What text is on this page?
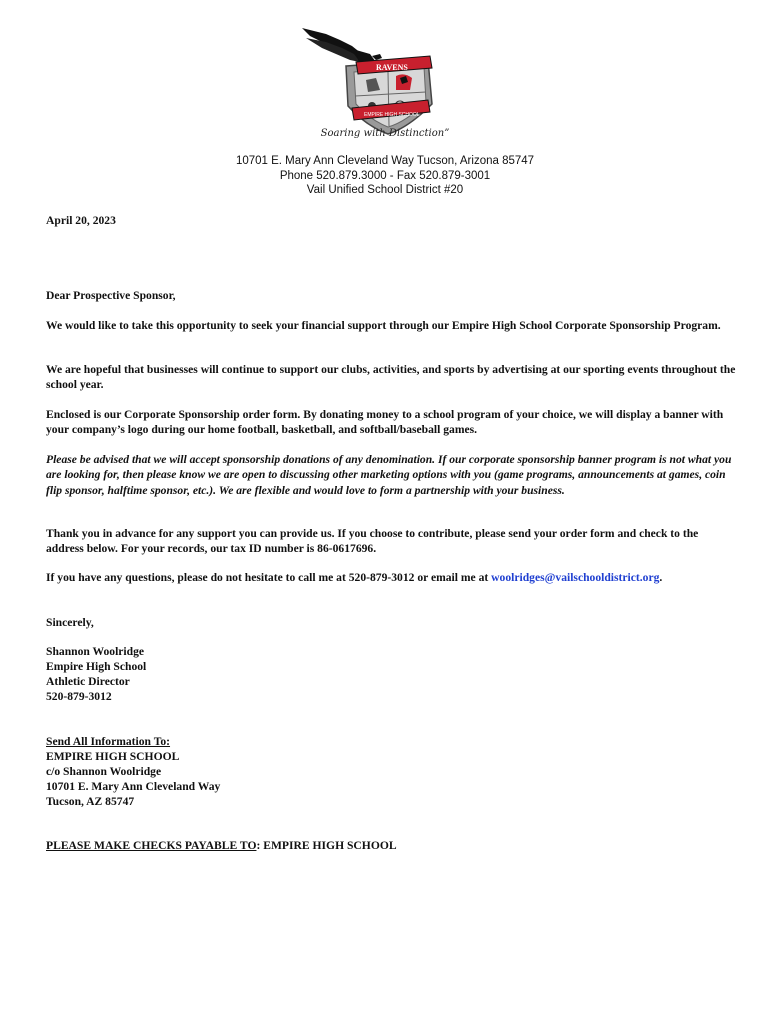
RAVENS
EMPIRE HIGH SCHOOL
Soaring with Distinction”
10701 E. Mary Ann Cleveland Way Tucson, Arizona 85747
Phone 520.879.3000 - Fax 520.879-3001
Vail Unified School District #20
April 20, 2023
Dear Prospective Sponsor,
We would like to take this opportunity to seek your financial support through our Empire High School Corporate Sponsorship Program.
We are hopeful that businesses will continue to support our clubs, activities, and sports by advertising at our sporting events throughout the school year.
Enclosed is our Corporate Sponsorship order form. By donating money to a school program of your choice, we will display a banner with your company’s logo during our home football, basketball, and softball/baseball games.
Please be advised that we will accept sponsorship donations of any denomination. If our corporate sponsorship banner program is not what you are looking for, then please know we are open to discussing other marketing options with you (game programs, announcements at games, coin flip sponsor, halftime sponsor, etc.). We are flexible and would love to form a partnership with your business.
Thank you in advance for any support you can provide us. If you choose to contribute, please send your order form and check to the address below. For your records, our tax ID number is 86-0617696.
If you have any questions, please do not hesitate to call me at 520-879-3012 or email me at woolridges@vailschooldistrict.org.
Sincerely,
Shannon Woolridge
Empire High School
Athletic Director
520-879-3012
Send All Information To:
EMPIRE HIGH SCHOOL
c/o Shannon Woolridge
10701 E. Mary Ann Cleveland Way
Tucson, AZ 85747
PLEASE MAKE CHECKS PAYABLE TO: EMPIRE HIGH SCHOOL
